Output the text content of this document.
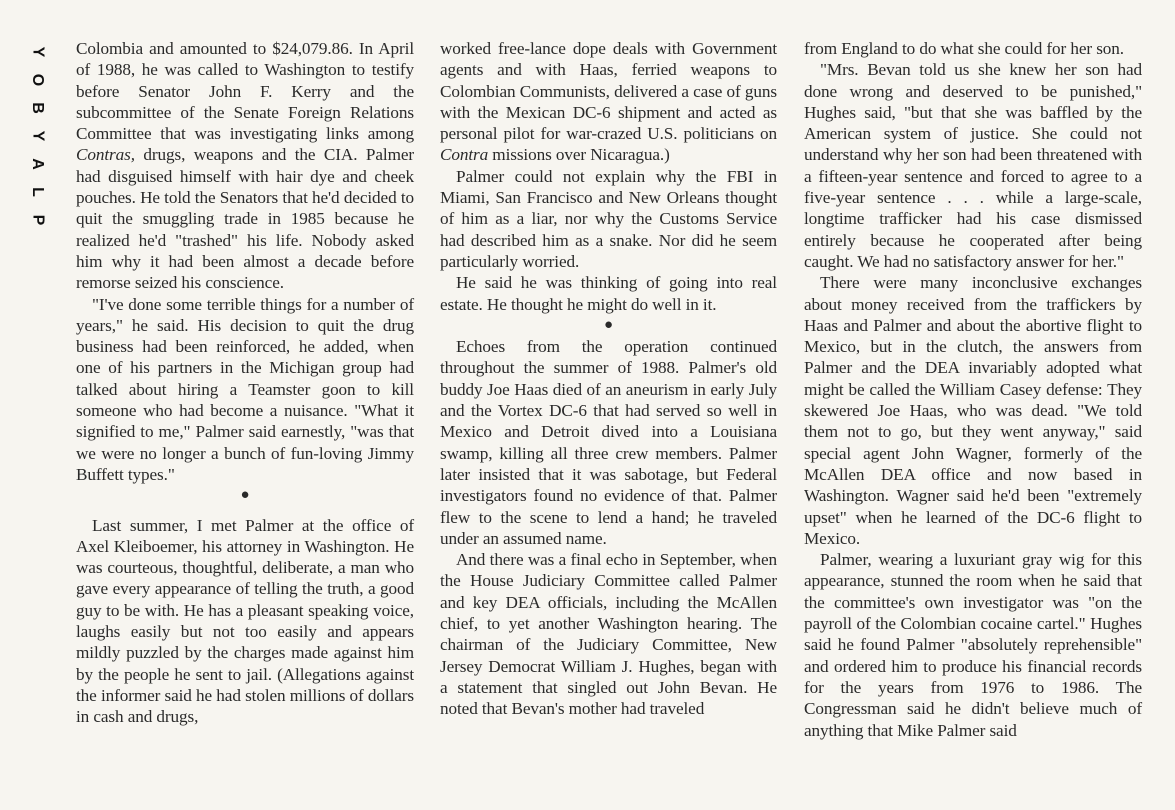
Y
O
B
Y
A
L
P

Colombia and amounted to $24,079.86. In April of 1988, he was called to Washington to testify before Senator John F. Kerry and the subcommittee of the Senate Foreign Relations Committee that was investigating links among Contras, drugs, weapons and the CIA. Palmer had disguised himself with hair dye and cheek pouches. He told the Senators that he'd decided to quit the smuggling trade in 1985 because he realized he'd "trashed" his life. Nobody asked him why it had been almost a decade before remorse seized his conscience.

"I've done some terrible things for a number of years," he said. His decision to quit the drug business had been reinforced, he added, when one of his partners in the Michigan group had talked about hiring a Teamster goon to kill someone who had become a nuisance. "What it signified to me," Palmer said earnestly, "was that we were no longer a bunch of fun-loving Jimmy Buffett types."

●

Last summer, I met Palmer at the office of Axel Kleiboemer, his attorney in Washington. He was courteous, thoughtful, deliberate, a man who gave every appearance of telling the truth, a good guy to be with. He has a pleasant speaking voice, laughs easily but not too easily and appears mildly puzzled by the charges made against him by the people he sent to jail. (Allegations against the informer said he had stolen millions of dollars in cash and drugs,

worked free-lance dope deals with Government agents and with Haas, ferried weapons to Colombian Communists, delivered a case of guns with the Mexican DC-6 shipment and acted as personal pilot for war-crazed U.S. politicians on Contra missions over Nicaragua.)

Palmer could not explain why the FBI in Miami, San Francisco and New Orleans thought of him as a liar, nor why the Customs Service had described him as a snake. Nor did he seem particularly worried.

He said he was thinking of going into real estate. He thought he might do well in it.

●

Echoes from the operation continued throughout the summer of 1988. Palmer's old buddy Joe Haas died of an aneurism in early July and the Vortex DC-6 that had served so well in Mexico and Detroit dived into a Louisiana swamp, killing all three crew members. Palmer later insisted that it was sabotage, but Federal investigators found no evidence of that. Palmer flew to the scene to lend a hand; he traveled under an assumed name.

And there was a final echo in September, when the House Judiciary Committee called Palmer and key DEA officials, including the McAllen chief, to yet another Washington hearing. The chairman of the Judiciary Committee, New Jersey Democrat William J. Hughes, began with a statement that singled out John Bevan. He noted that Bevan's mother had traveled

from England to do what she could for her son.

"Mrs. Bevan told us she knew her son had done wrong and deserved to be punished," Hughes said, "but that she was baffled by the American system of justice. She could not understand why her son had been threatened with a fifteen-year sentence and forced to agree to a five-year sentence . . . while a large-scale, longtime trafficker had his case dismissed entirely because he cooperated after being caught. We had no satisfactory answer for her."

There were many inconclusive exchanges about money received from the traffickers by Haas and Palmer and about the abortive flight to Mexico, but in the clutch, the answers from Palmer and the DEA invariably adopted what might be called the William Casey defense: They skewered Joe Haas, who was dead. "We told them not to go, but they went anyway," said special agent John Wagner, formerly of the McAllen DEA office and now based in Washington. Wagner said he'd been "extremely upset" when he learned of the DC-6 flight to Mexico.

Palmer, wearing a luxuriant gray wig for this appearance, stunned the room when he said that the committee's own investigator was "on the payroll of the Colombian cocaine cartel." Hughes said he found Palmer "absolutely reprehensible" and ordered him to produce his financial records for the years from 1976 to 1986. The Congressman said he didn't believe much of anything that Mike Palmer said
